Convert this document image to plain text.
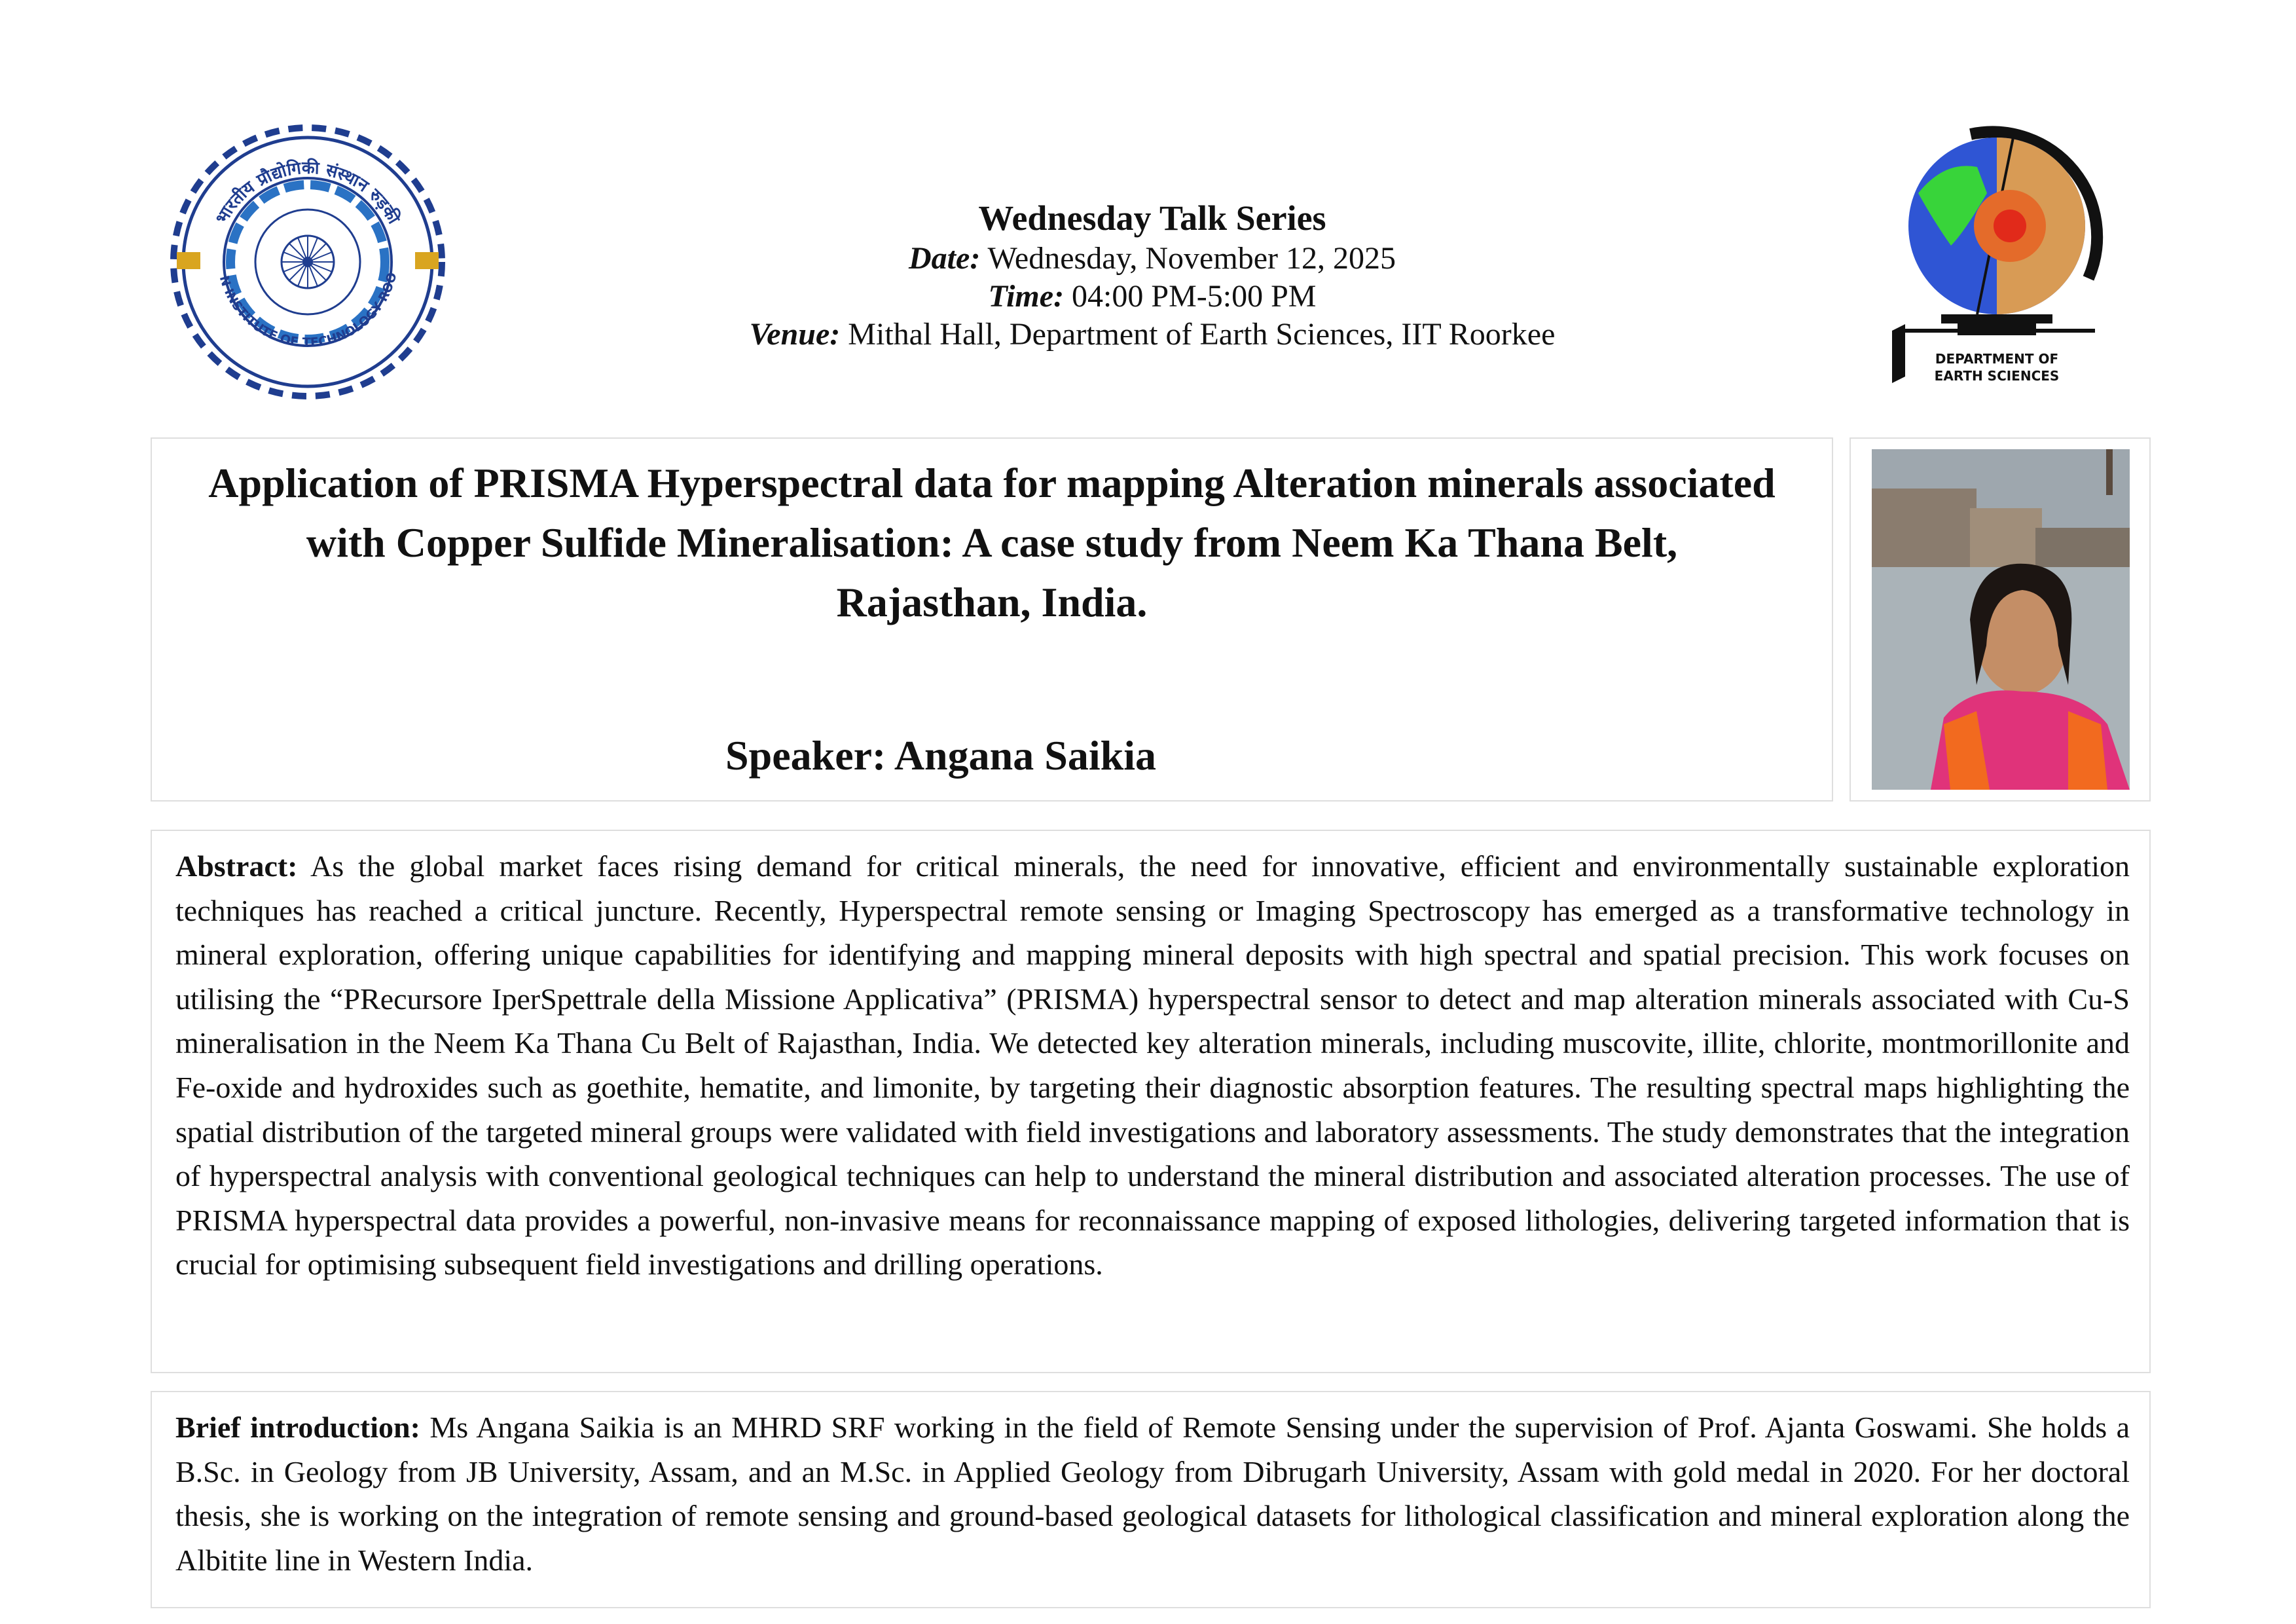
भारतीय प्रौद्योगिकी संस्थान रुड़की
N INSTITUTE OF TECHNOLOGY ROO
Wednesday Talk Series
Date: Wednesday, November 12, 2025
Time: 04:00 PM-5:00 PM
Venue: Mithal Hall, Department of Earth Sciences, IIT Roorkee
DEPARTMENT OF
EARTH SCIENCES
Application of PRISMA Hyperspectral data for mapping Alteration minerals associated with Copper Sulfide Mineralisation: A case study from Neem Ka Thana Belt, Rajasthan, India.
Speaker: Angana Saikia
Abstract: As the global market faces rising demand for critical minerals, the need for innovative, efficient and environmentally sustainable exploration techniques has reached a critical juncture. Recently, Hyperspectral remote sensing or Imaging Spectroscopy has emerged as a transformative technology in mineral exploration, offering unique capabilities for identifying and mapping mineral deposits with high spectral and spatial precision. This work focuses on utilising the “PRecursore IperSpettrale della Missione Applicativa” (PRISMA) hyperspectral sensor to detect and map alteration minerals associated with Cu-S mineralisation in the Neem Ka Thana Cu Belt of Rajasthan, India. We detected key alteration minerals, including muscovite, illite, chlorite, montmorillonite and Fe-oxide and hydroxides such as goethite, hematite, and limonite, by targeting their diagnostic absorption features. The resulting spectral maps highlighting the spatial distribution of the targeted mineral groups were validated with field investigations and laboratory assessments. The study demonstrates that the integration of hyperspectral analysis with conventional geological techniques can help to understand the mineral distribution and associated alteration processes. The use of PRISMA hyperspectral data provides a powerful, non-invasive means for reconnaissance mapping of exposed lithologies, delivering targeted information that is crucial for optimising subsequent field investigations and drilling operations.
Brief introduction: Ms Angana Saikia is an MHRD SRF working in the field of Remote Sensing under the supervision of Prof. Ajanta Goswami. She holds a B.Sc. in Geology from JB University, Assam, and an M.Sc. in Applied Geology from Dibrugarh University, Assam with gold medal in 2020. For her doctoral thesis, she is working on the integration of remote sensing and ground-based geological datasets for lithological classification and mineral exploration along the Albitite line in Western India.
